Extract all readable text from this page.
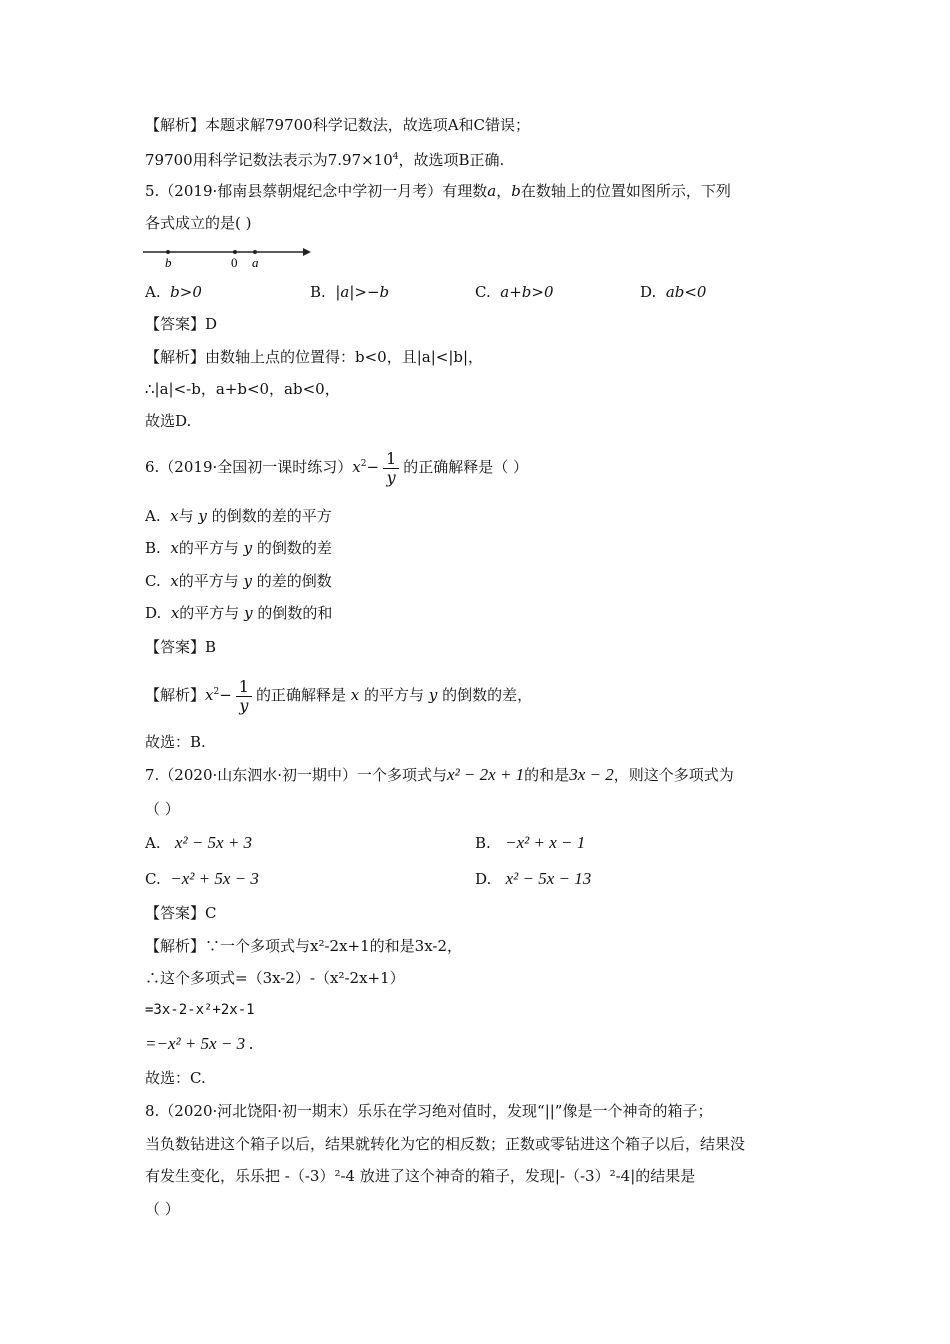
【解析】本题求解79700科学记数法，故选项A和C错误；
79700用科学记数法表示为$7.97\times 10^4$，故选项B正确.
5.（2019·郁南县蔡朝焜纪念中学初一月考）有理数a，b在数轴上的位置如图所示，下列
各式成立的是( )
b	0 a
A. b>0	B. |a|>−b	C. a+b>0	D. ab<0
【答案】D
【解析】由数轴上点的位置得：b<0，且|a|<|b|，
∴|a|<-b，a+b<0，ab<0，
故选D.
6.（2019·全国初一课时练习）$x^2- \frac{1}{y}$ 的正确解释是（ ）
A. x与 y 的倒数的差的平方
B. x的平方与 y 的倒数的差
C. x的平方与 y 的差的倒数
D. x的平方与 y 的倒数的和
【答案】B
【解析】$x^2- \frac{1}{y}$ 的正确解释是 x 的平方与 y 的倒数的差，
故选：B.
7.（2020·山东泗水·初一期中）一个多项式与x² − 2x + 1的和是3x − 2，则这个多项式为
（ ）
A. x² − 5x + 3	B. −x² + x − 1
C. −x² + 5x − 3	D. x² − 5x − 13
【答案】C
【解析】∵一个多项式与x²-2x+1的和是3x-2，
∴这个多项式=（3x-2）-（x²-2x+1）
=3x-2-x²+2x-1
=−x² + 5x − 3 .
故选：C.
8.（2020·河北饶阳·初一期末）乐乐在学习绝对值时，发现“||”像是一个神奇的箱子；
当负数钻进这个箱子以后，结果就转化为它的相反数；正数或零钻进这个箱子以后，结果没
有发生变化，乐乐把 -（-3）²-4 放进了这个神奇的箱子，发现|-（-3）²-4|的结果是
（ ）
